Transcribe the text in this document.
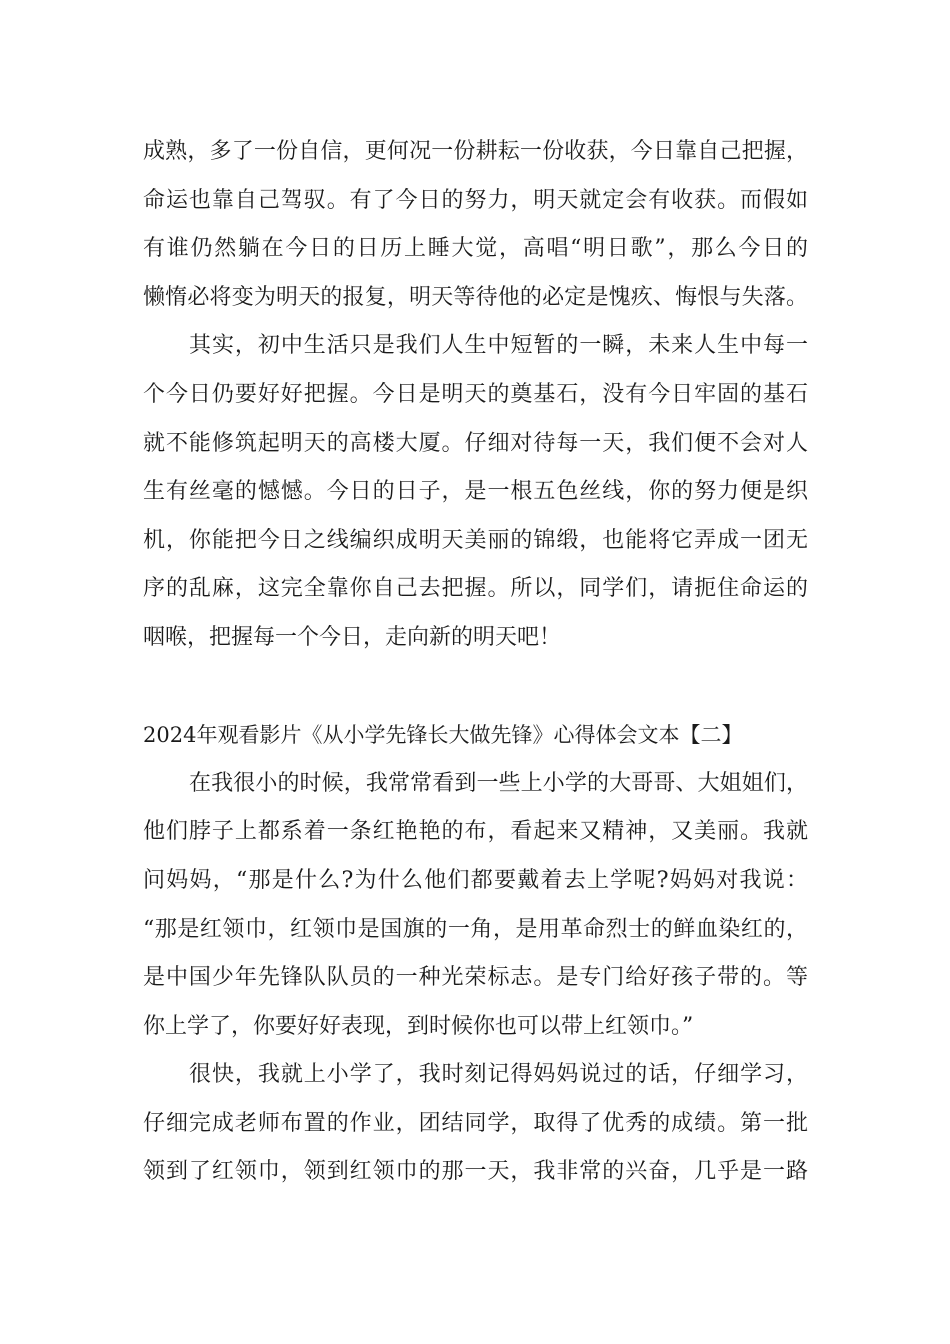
成熟，多了一份自信，更何况一份耕耘一份收获，今日靠自己把握，
命运也靠自己驾驭。有了今日的努力，明天就定会有收获。而假如
有谁仍然躺在今日的日历上睡大觉，高唱“明日歌”，那么今日的
懒惰必将变为明天的报复，明天等待他的必定是愧疚、悔恨与失落。
其实，初中生活只是我们人生中短暂的一瞬，未来人生中每一
个今日仍要好好把握。今日是明天的奠基石，没有今日牢固的基石
就不能修筑起明天的高楼大厦。仔细对待每一天，我们便不会对人
生有丝毫的憾憾。今日的日子，是一根五色丝线，你的努力便是织
机，你能把今日之线编织成明天美丽的锦缎，也能将它弄成一团无
序的乱麻，这完全靠你自己去把握。所以，同学们，请扼住命运的
咽喉，把握每一个今日，走向新的明天吧！
2024年观看影片《从小学先锋长大做先锋》心得体会文本【二】
在我很小的时候，我常常看到一些上小学的大哥哥、大姐姐们，
他们脖子上都系着一条红艳艳的布，看起来又精神，又美丽。我就
问妈妈，“那是什么?为什么他们都要戴着去上学呢?妈妈对我说：
“那是红领巾，红领巾是国旗的一角，是用革命烈士的鲜血染红的，
是中国少年先锋队队员的一种光荣标志。是专门给好孩子带的。等
你上学了，你要好好表现，到时候你也可以带上红领巾。”
很快，我就上小学了，我时刻记得妈妈说过的话，仔细学习，
仔细完成老师布置的作业，团结同学，取得了优秀的成绩。第一批
领到了红领巾，领到红领巾的那一天，我非常的兴奋，几乎是一路
